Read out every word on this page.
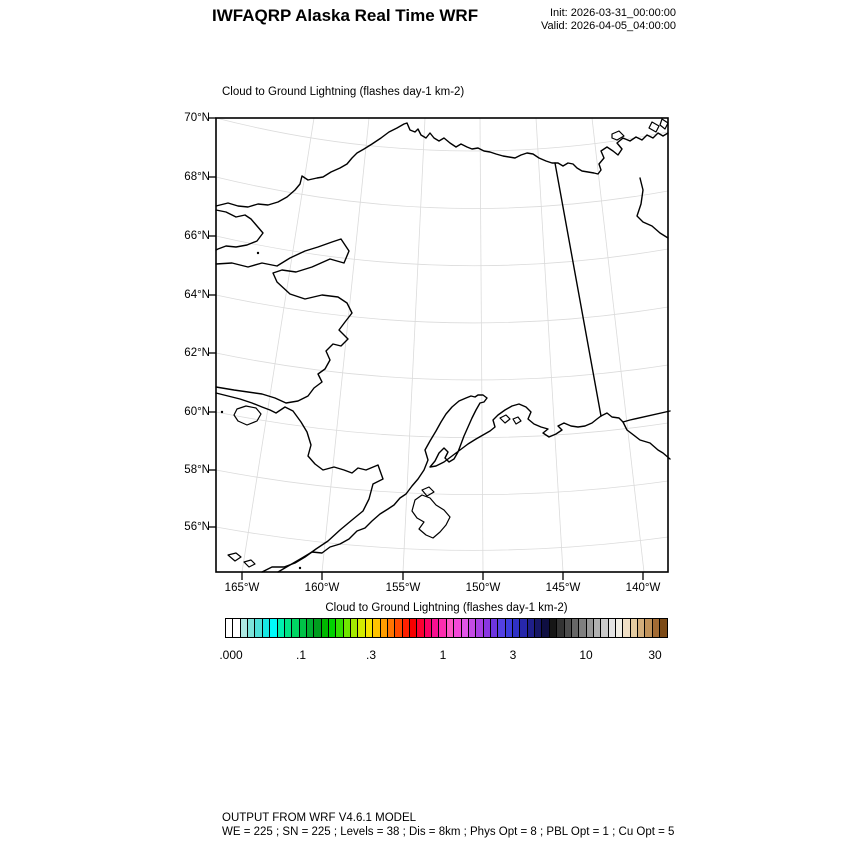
IWFAQRP Alaska Real Time WRF	Init: 2026-03-31_00:00:00
Valid: 2026-04-05_04:00:00
Cloud to Ground Lightning (flashes day-1 km-2)
70°N
68°N
66°N
64°N
62°N
60°N
58°N
56°N
165°W	160°W	155°W	150°W	145°W	140°W
Cloud to Ground Lightning (flashes day-1 km-2)
.000	.1	.3	1	3	10	30
OUTPUT FROM WRF V4.6.1 MODEL
WE = 225 ; SN = 225 ; Levels = 38 ; Dis = 8km ; Phys Opt = 8 ; PBL Opt = 1 ; Cu Opt = 5
